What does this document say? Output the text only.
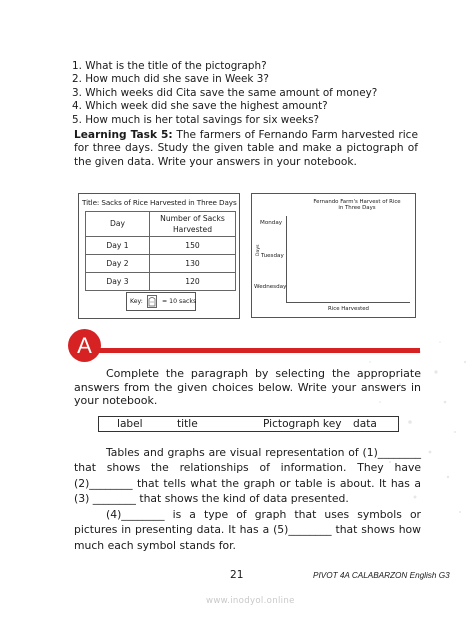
1. What is the title of the pictograph?
2. How much did she save in Week 3?
3. Which weeks did Cita save the same amount of money?
4. Which week did she save the highest amount?
5. How much is her total savings for six weeks?

Learning Task 5: The farmers of Fernando Farm harvested rice for three days. Study the given table and make a pictograph of the given data. Write your answers in your notebook.

Title: Sacks of Rice Harvested in Three Days
Day	Number of Sacks Harvested
Day 1	150
Day 2	130
Day 3	120
Key:	= 10 sacks
Fernando Farm's Harvest of Rice in Three Days
Monday
Tuesday
Wednesday
Days
Rice Harvested
A

Complete the paragraph by selecting the appropriate answers from the given choices below. Write your answers in your notebook.

label	title	Pictograph key data

Tables and graphs are visual representation of (1)________ that shows the relationships of information. They have (2)________ that tells what the graph or table is about. It has a (3) ________ that shows the kind of data presented.

(4)________ is a type of graph that uses symbols or pictures in presenting data. It has a (5)________ that shows how much each symbol stands for.

21	PIVOT 4A CALABARZON English G3
www.inodyol.online
